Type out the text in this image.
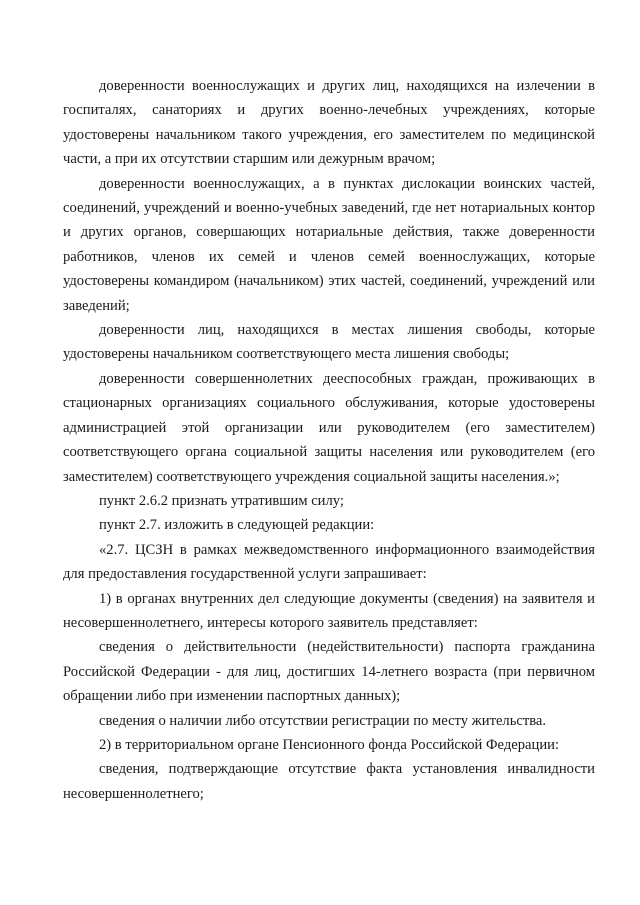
доверенности военнослужащих и других лиц, находящихся на излечении в госпиталях, санаториях и других военно-лечебных учреждениях, которые удостоверены начальником такого учреждения, его заместителем по медицинской части, а при их отсутствии старшим или дежурным врачом;

доверенности военнослужащих, а в пунктах дислокации воинских частей, соединений, учреждений и военно-учебных заведений, где нет нотариальных контор и других органов, совершающих нотариальные действия, также доверенности работников, членов их семей и членов семей военнослужащих, которые удостоверены командиром (начальником) этих частей, соединений, учреждений или заведений;

доверенности лиц, находящихся в местах лишения свободы, которые удостоверены начальником соответствующего места лишения свободы;

доверенности совершеннолетних дееспособных граждан, проживающих в стационарных организациях социального обслуживания, которые удостоверены администрацией этой организации или руководителем (его заместителем) соответствующего органа социальной защиты населения или руководителем (его заместителем) соответствующего учреждения социальной защиты населения.»;

пункт 2.6.2 признать утратившим силу;

пункт 2.7. изложить в следующей редакции:

«2.7. ЦСЗН в рамках межведомственного информационного взаимодействия для предоставления государственной услуги запрашивает:

1) в органах внутренних дел следующие документы (сведения) на заявителя и несовершеннолетнего, интересы которого заявитель представляет:

сведения о действительности (недействительности) паспорта гражданина Российской Федерации - для лиц, достигших 14-летнего возраста (при первичном обращении либо при изменении паспортных данных);

сведения о наличии либо отсутствии регистрации по месту жительства.

2) в территориальном органе Пенсионного фонда Российской Федерации:

сведения, подтверждающие отсутствие факта установления инвалидности несовершеннолетнего;
